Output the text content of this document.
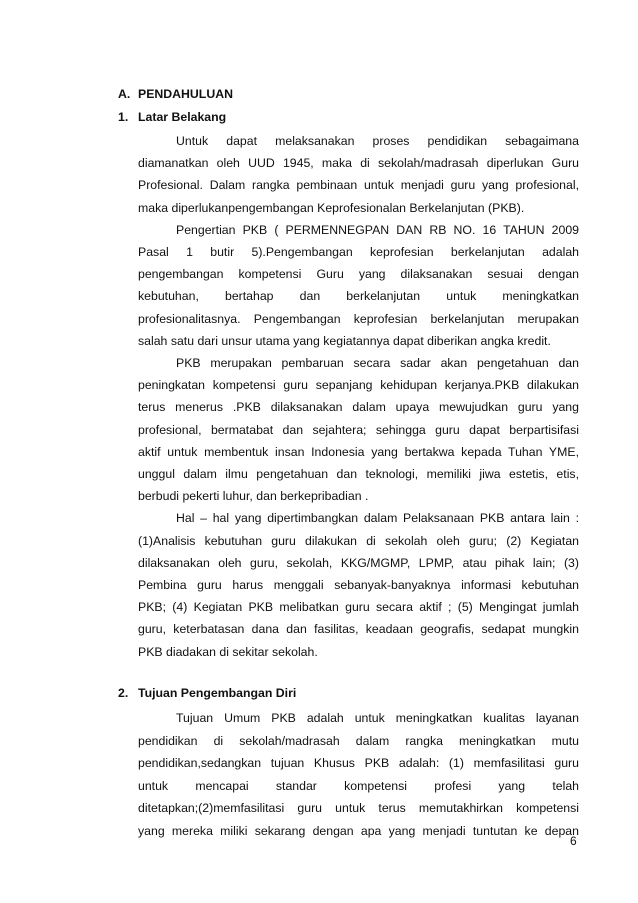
A. PENDAHULUAN
1. Latar Belakang
Untuk dapat melaksanakan proses pendidikan sebagaimana
diamanatkan oleh UUD 1945, maka di sekolah/madrasah diperlukan Guru
Profesional. Dalam rangka pembinaan untuk menjadi guru yang profesional,
maka diperlukanpengembangan Keprofesionalan Berkelanjutan (PKB).
Pengertian PKB ( PERMENNEGPAN DAN RB NO. 16 TAHUN 2009
Pasal 1 butir 5).Pengembangan keprofesian berkelanjutan adalah
pengembangan kompetensi Guru yang dilaksanakan sesuai dengan
kebutuhan, bertahap dan berkelanjutan untuk meningkatkan
profesionalitasnya. Pengembangan keprofesian berkelanjutan merupakan
salah satu dari unsur utama yang kegiatannya dapat diberikan angka kredit.
PKB merupakan pembaruan secara sadar akan pengetahuan dan
peningkatan kompetensi guru sepanjang kehidupan kerjanya.PKB dilakukan
terus menerus .PKB dilaksanakan dalam upaya mewujudkan guru yang
profesional, bermatabat dan sejahtera; sehingga guru dapat berpartisifasi
aktif untuk membentuk insan Indonesia yang bertakwa kepada Tuhan YME,
unggul dalam ilmu pengetahuan dan teknologi, memiliki jiwa estetis, etis,
berbudi pekerti luhur, dan berkepribadian .
Hal – hal yang dipertimbangkan dalam Pelaksanaan PKB antara lain :
(1)Analisis kebutuhan guru dilakukan di sekolah oleh guru; (2) Kegiatan
dilaksanakan oleh guru, sekolah, KKG/MGMP, LPMP, atau pihak lain; (3)
Pembina guru harus menggali sebanyak-banyaknya informasi kebutuhan
PKB; (4) Kegiatan PKB melibatkan guru secara aktif ; (5) Mengingat jumlah
guru, keterbatasan dana dan fasilitas, keadaan geografis, sedapat mungkin
PKB diadakan di sekitar sekolah.
2. Tujuan Pengembangan Diri
Tujuan Umum PKB adalah untuk meningkatkan kualitas layanan
pendidikan di sekolah/madrasah dalam rangka meningkatkan mutu
pendidikan,sedangkan tujuan Khusus PKB adalah: (1) memfasilitasi guru
untuk mencapai standar kompetensi profesi yang telah
ditetapkan;(2)memfasilitasi guru untuk terus memutakhirkan kompetensi
yang mereka miliki sekarang dengan apa yang menjadi tuntutan ke depan
6
